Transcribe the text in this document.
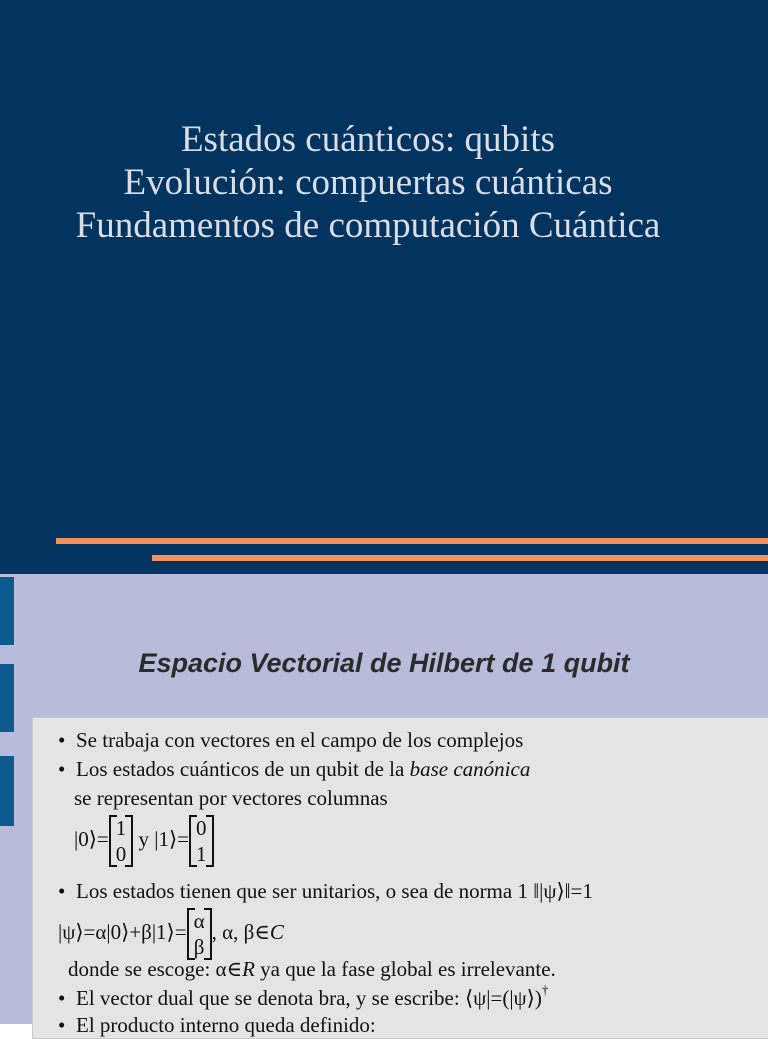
Estados cuánticos: qubits
Evolución: compuertas cuánticas
Fundamentos de computación Cuántica
Espacio Vectorial de Hilbert de 1 qubit
• Se trabaja con vectores en el campo de los complejos
• Los estados cuánticos de un qubit de la base canónica
se representan por vectores columnas
|0⟩= 1
0
y |1⟩= 0
1
• Los estados tienen que ser unitarios, o sea de norma 1 ‖|ψ⟩‖=1
|ψ⟩=α|0⟩+β|1⟩= α
β
, α, β∈C
donde se escoge: α∈R ya que la fase global es irrelevante.
• El vector dual que se denota bra, y se escribe: ⟨ψ|=(|ψ⟩)†
• El producto interno queda definido:
